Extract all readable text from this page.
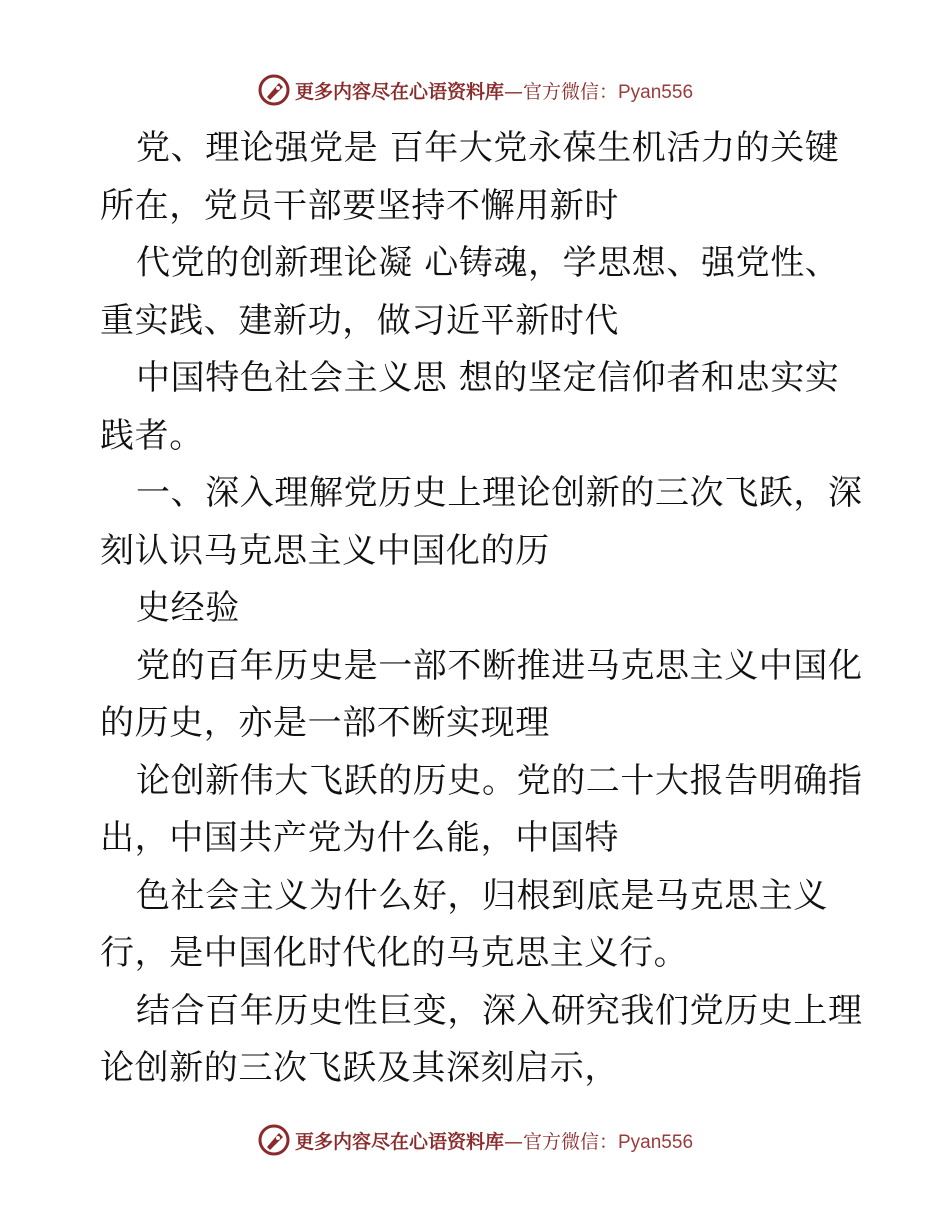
更多内容尽在心语资料库 — 官方微信： Pyan556
党、理论强党是 百年大党永葆生机活力的关键
所在，党员干部要坚持不懈用新时
代党的创新理论凝 心铸魂，学思想、强党性、
重实践、建新功，做习近平新时代
中国特色社会主义思 想的坚定信仰者和忠实实
践者。
一、深入理解党历史上理论创新的三次飞跃，深
刻认识马克思主义中国化的历
史经验
党的百年历史是一部不断推进马克思主义中国化
的历史，亦是一部不断实现理
论创新伟大飞跃的历史。党的二十大报告明确指
出，中国共产党为什么能，中国特
色社会主义为什么好，归根到底是马克思主义
行，是中国化时代化的马克思主义行。
结合百年历史性巨变，深入研究我们党历史上理
论创新的三次飞跃及其深刻启示，
更多内容尽在心语资料库 — 官方微信： Pyan556
